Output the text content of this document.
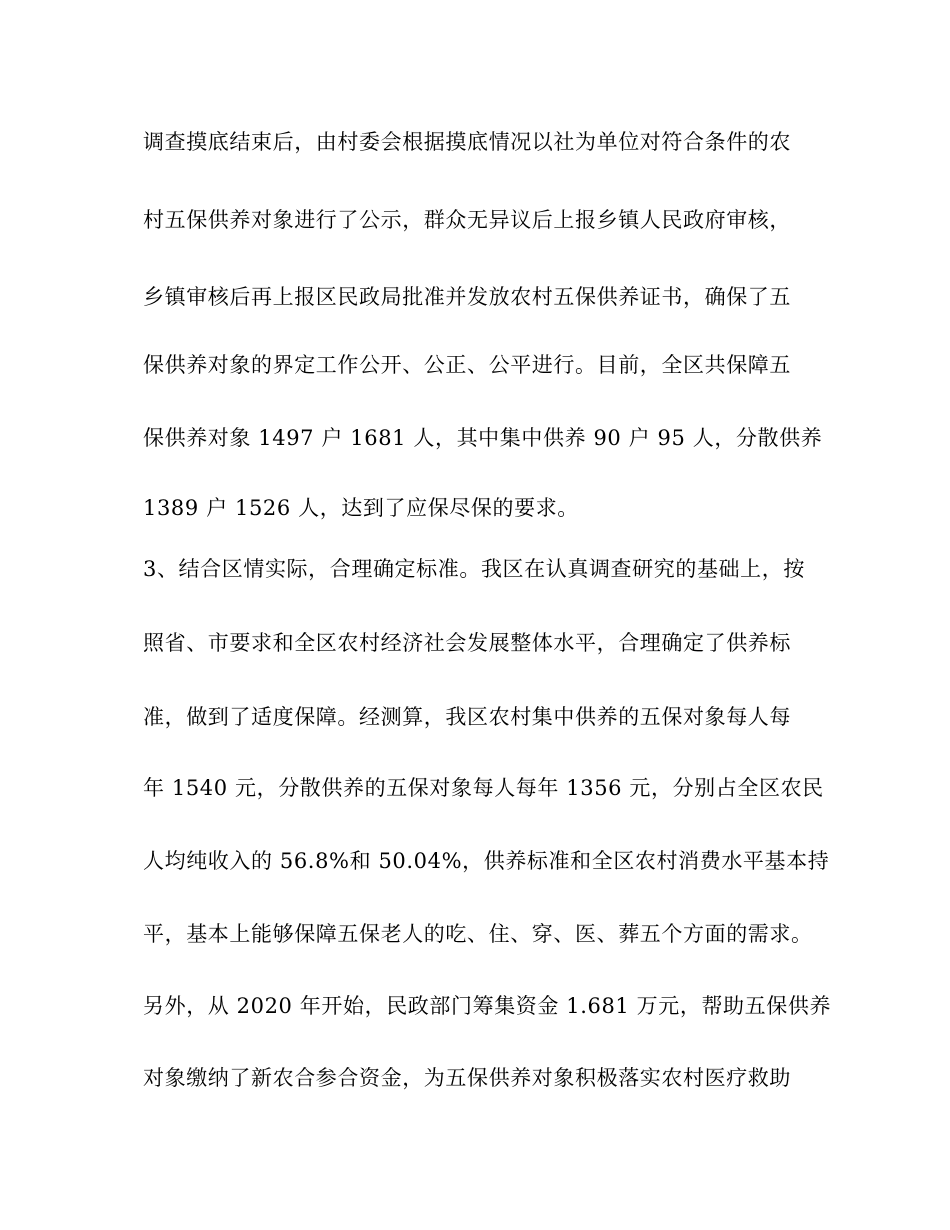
调查摸底结束后，由村委会根据摸底情况以社为单位对符合条件的农
村五保供养对象进行了公示，群众无异议后上报乡镇人民政府审核，
乡镇审核后再上报区民政局批准并发放农村五保供养证书，确保了五
保供养对象的界定工作公开、公正、公平进行。目前，全区共保障五
保供养对象 1497 户 1681 人，其中集中供养 90 户 95 人，分散供养
1389 户 1526 人，达到了应保尽保的要求。
3、结合区情实际，合理确定标准。我区在认真调查研究的基础上，按
照省、市要求和全区农村经济社会发展整体水平，合理确定了供养标
准，做到了适度保障。经测算，我区农村集中供养的五保对象每人每
年 1540 元，分散供养的五保对象每人每年 1356 元，分别占全区农民
人均纯收入的 56.8%和 50.04%，供养标准和全区农村消费水平基本持
平，基本上能够保障五保老人的吃、住、穿、医、葬五个方面的需求。
另外，从 2020 年开始，民政部门筹集资金 1.681 万元，帮助五保供养
对象缴纳了新农合参合资金，为五保供养对象积极落实农村医疗救助
